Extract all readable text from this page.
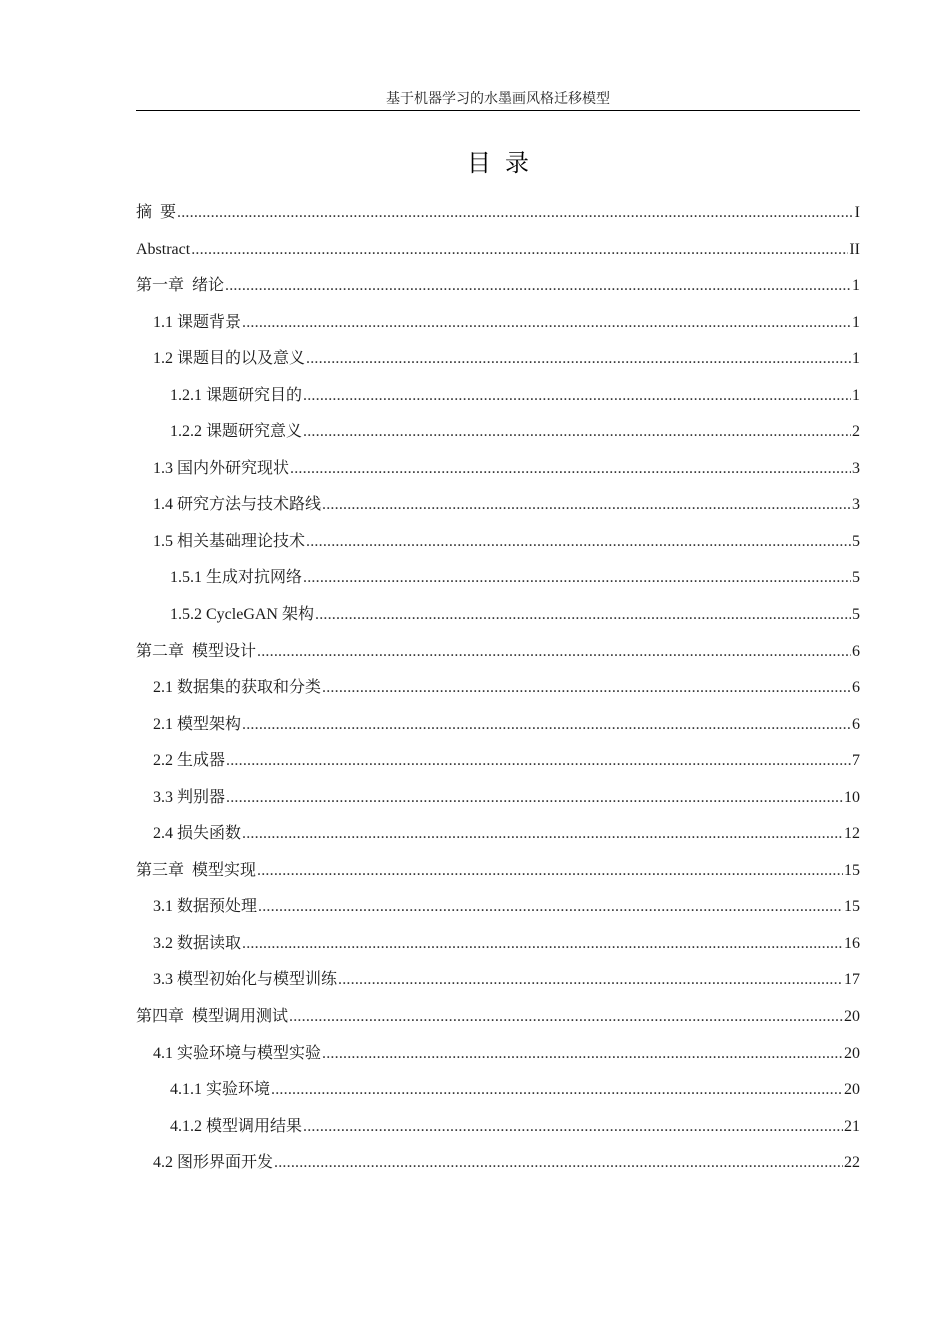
基于机器学习的水墨画风格迁移模型
目录
摘  要 .....	I
Abstract .....	II
第一章  绪论 .....	1
1.1 课题背景 .....	1
1.2 课题目的以及意义 .....	1
1.2.1 课题研究目的 .....	1
1.2.2 课题研究意义 .....	2
1.3 国内外研究现状 .....	3
1.4 研究方法与技术路线 .....	3
1.5 相关基础理论技术 .....	5
1.5.1 生成对抗网络 .....	5
1.5.2 CycleGAN 架构 .....	5
第二章  模型设计 .....	6
2.1 数据集的获取和分类 .....	6
2.1 模型架构 .....	6
2.2 生成器 .....	7
3.3 判别器 .....	10
2.4 损失函数 .....	12
第三章  模型实现 .....	15
3.1 数据预处理 .....	15
3.2 数据读取 .....	16
3.3 模型初始化与模型训练 .....	17
第四章  模型调用测试 .....	20
4.1 实验环境与模型实验 .....	20
4.1.1 实验环境 .....	20
4.1.2 模型调用结果 .....	21
4.2 图形界面开发 .....	22
